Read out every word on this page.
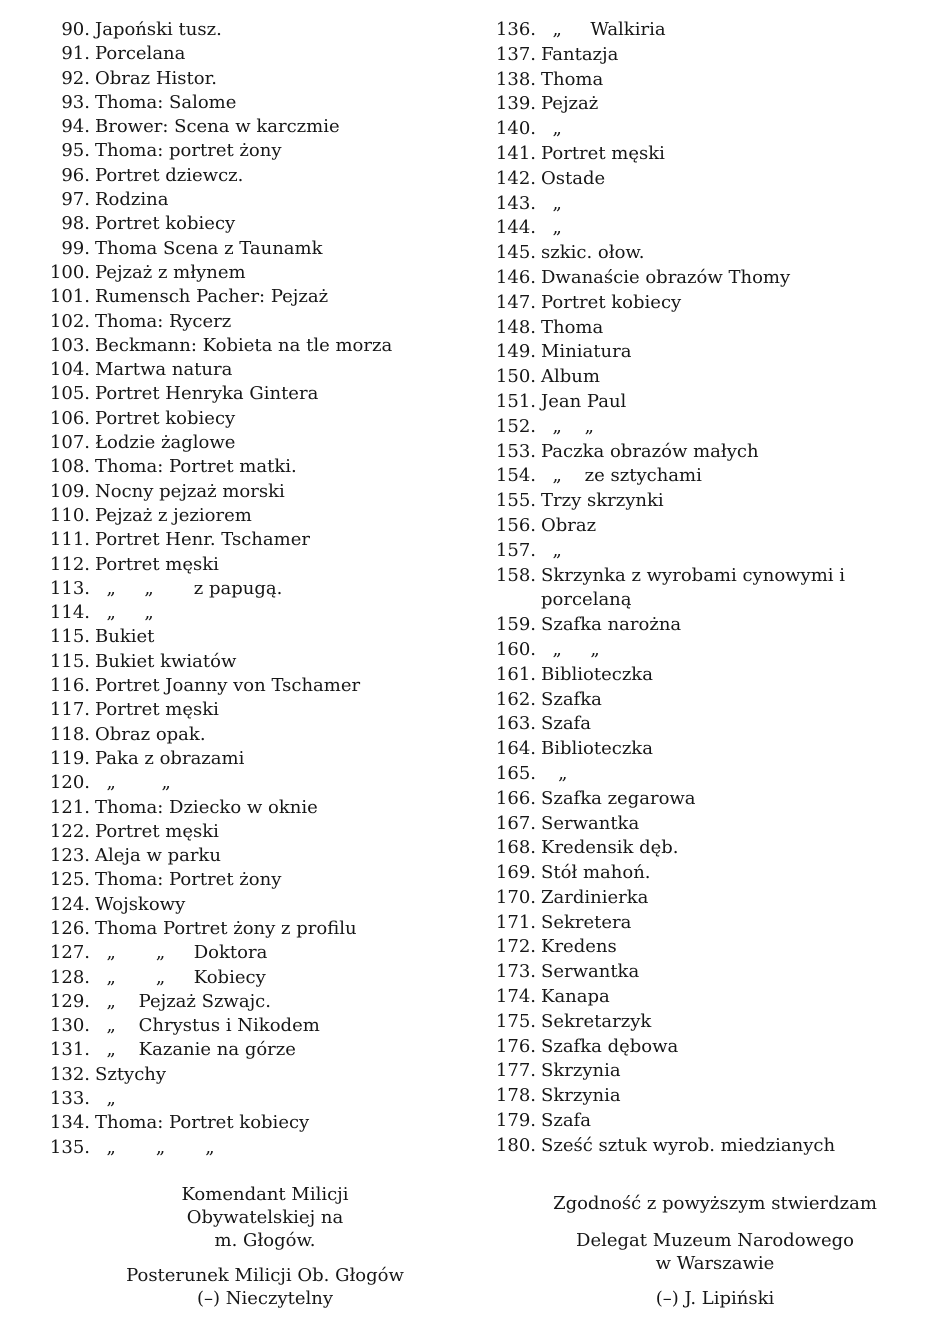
90. Japoński tusz.
91. Porcelana
92. Obraz Histor.
93. Thoma: Salome
94. Brower: Scena w karczmie
95. Thoma: portret żony
96. Portret dziewcz.
97. Rodzina
98. Portret kobiecy
99. Thoma Scena z Taunamk
100. Pejzaż z młynem
101. Rumensch Pacher: Pejzaż
102. Thoma: Rycerz
103. Beckmann: Kobieta na tle morza
104. Martwa natura
105. Portret Henryka Gintera
106. Portret kobiecy
107. Łodzie żaglowe
108. Thoma: Portret matki.
109. Nocny pejzaż morski
110. Pejzaż z jeziorem
111. Portret Henr. Tschamer
112. Portret męski
113. „     „       z papugą.
114. „     „
115. Bukiet
115. Bukiet kwiatów
116. Portret Joanny von Tschamer
117. Portret męski
118. Obraz opak.
119. Paka z obrazami
120. „        „
121. Thoma: Dziecko w oknie
122. Portret męski
123. Aleja w parku
125. Thoma: Portret żony
124. Wojskowy
126. Thoma Portret żony z profilu
127. „       „     Doktora
128. „       „     Kobiecy
129. „    Pejzaż Szwajc.
130. „    Chrystus i Nikodem
131. „    Kazanie na górze
132. Sztychy
133. „
134. Thoma: Portret kobiecy
135. „       „       „
136. „     Walkiria
137. Fantazja
138. Thoma
139. Pejzaż
140. „
141. Portret męski
142. Ostade
143. „
144. „
145. szkic. ołow.
146. Dwanaście obrazów Thomy
147. Portret kobiecy
148. Thoma
149. Miniatura
150. Album
151. Jean Paul
152. „    „
153. Paczka obrazów małych
154. „    ze sztychami
155. Trzy skrzynki
156. Obraz
157. „
158. Skrzynka z wyrobami cynowymi i porcelaną
159. Szafka narożna
160. „     „
161. Biblioteczka
162. Szafka
163. Szafa
164. Biblioteczka
165. „
166. Szafka zegarowa
167. Serwantka
168. Kredensik dęb.
169. Stół mahoń.
170. Zardinierka
171. Sekretera
172. Kredens
173. Serwantka
174. Kanapa
175. Sekretarzyk
176. Szafka dębowa
177. Skrzynia
178. Skrzynia
179. Szafa
180. Sześć sztuk wyrob. miedzianych
Komendant Milicji
Obywatelskiej na
m. Głogów.
Posterunek Milicji Ob. Głogów
(–) Nieczytelny
Zgodność z powyższym stwierdzam
Delegat Muzeum Narodowego
w Warszawie
(–) J. Lipiński
